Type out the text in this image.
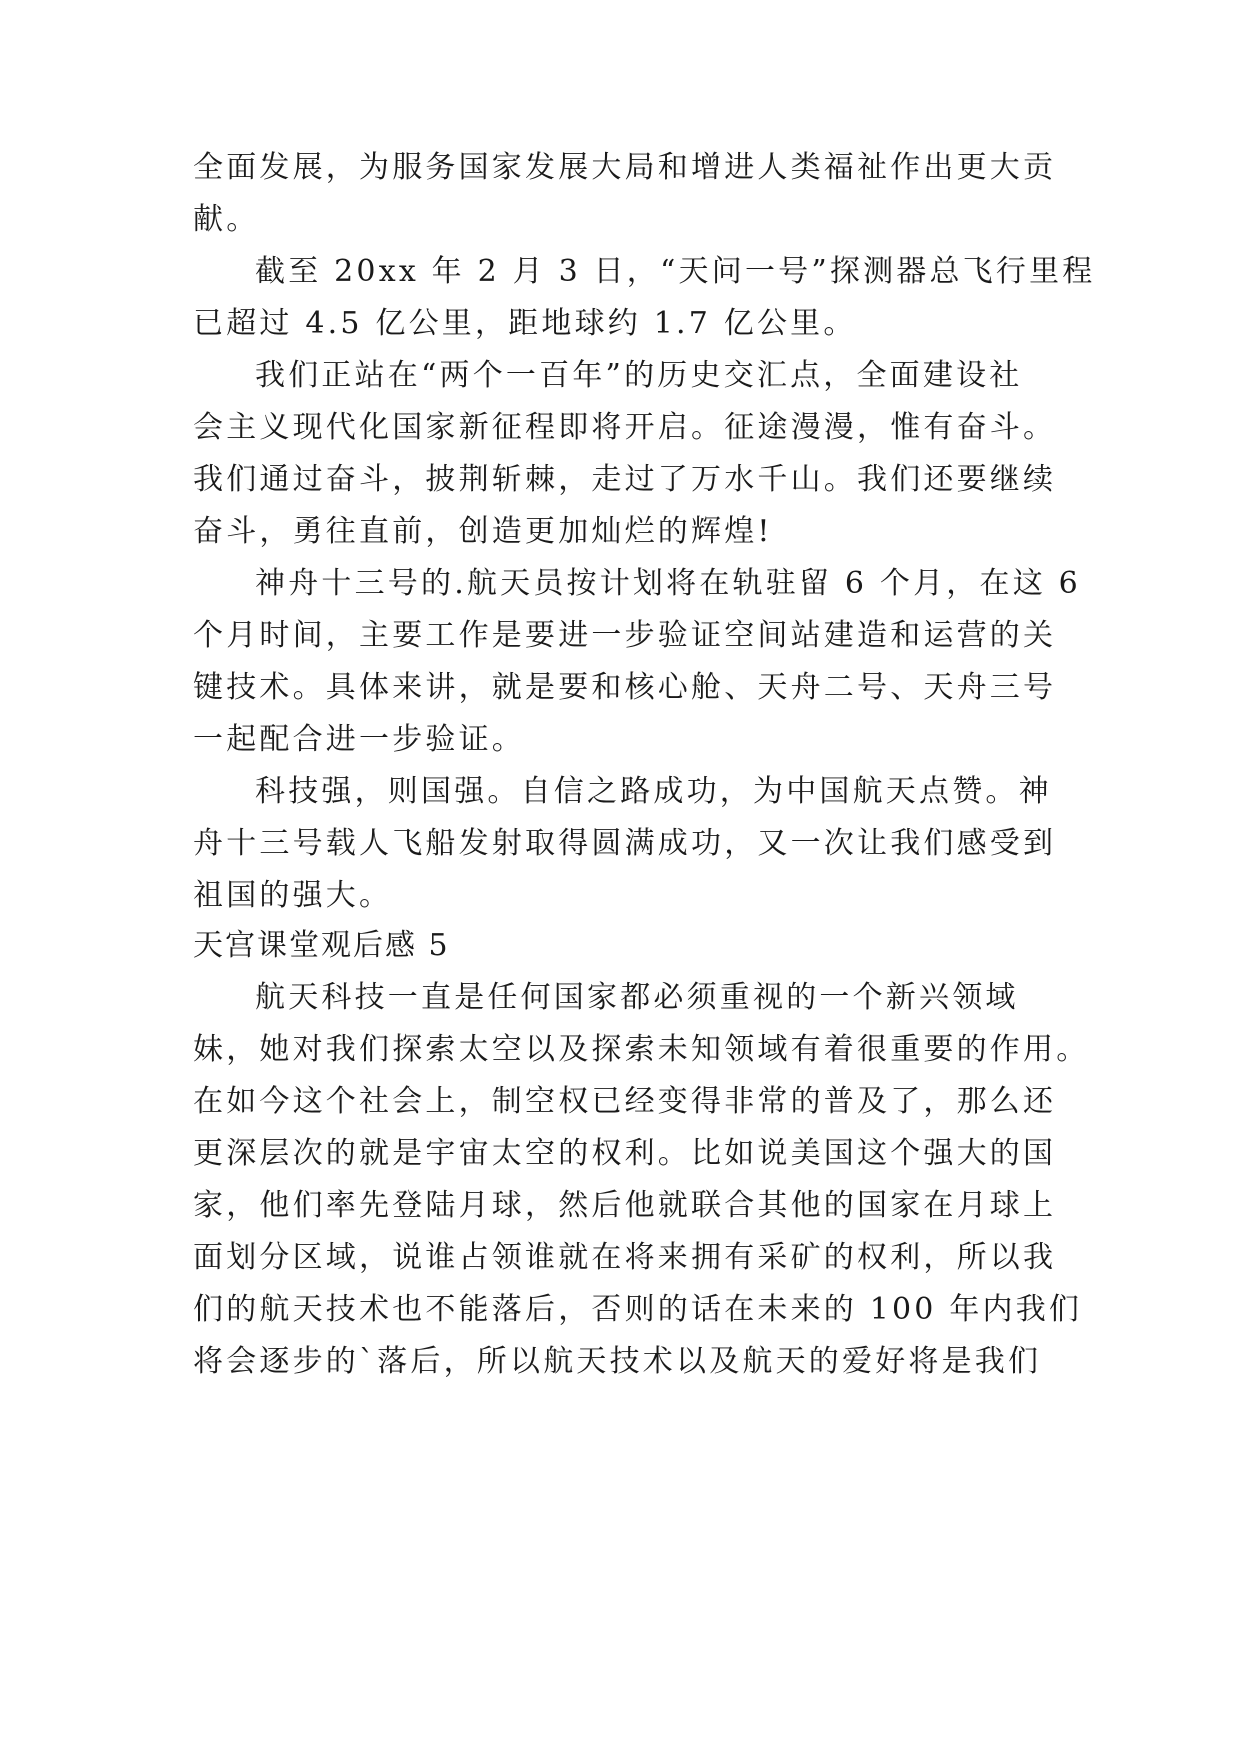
全面发展，为服务国家发展大局和增进人类福祉作出更大贡

献。

截至 20xx 年 2 月 3 日，“天问一号”探测器总飞行里程

已超过 4.5 亿公里，距地球约 1.7 亿公里。

我们正站在“两个一百年”的历史交汇点，全面建设社

会主义现代化国家新征程即将开启。征途漫漫，惟有奋斗。

我们通过奋斗，披荆斩棘，走过了万水千山。我们还要继续

奋斗，勇往直前，创造更加灿烂的辉煌!

神舟十三号的.航天员按计划将在轨驻留 6 个月，在这 6

个月时间，主要工作是要进一步验证空间站建造和运营的关

键技术。具体来讲，就是要和核心舱、天舟二号、天舟三号

一起配合进一步验证。

科技强，则国强。自信之路成功，为中国航天点赞。神

舟十三号载人飞船发射取得圆满成功，又一次让我们感受到

祖国的强大。

天宫课堂观后感 5

航天科技一直是任何国家都必须重视的一个新兴领域

妹，她对我们探索太空以及探索未知领域有着很重要的作用。

在如今这个社会上，制空权已经变得非常的普及了，那么还

更深层次的就是宇宙太空的权利。比如说美国这个强大的国

家，他们率先登陆月球，然后他就联合其他的国家在月球上

面划分区域，说谁占领谁就在将来拥有采矿的权利，所以我

们的航天技术也不能落后，否则的话在未来的 100 年内我们

将会逐步的`落后，所以航天技术以及航天的爱好将是我们
